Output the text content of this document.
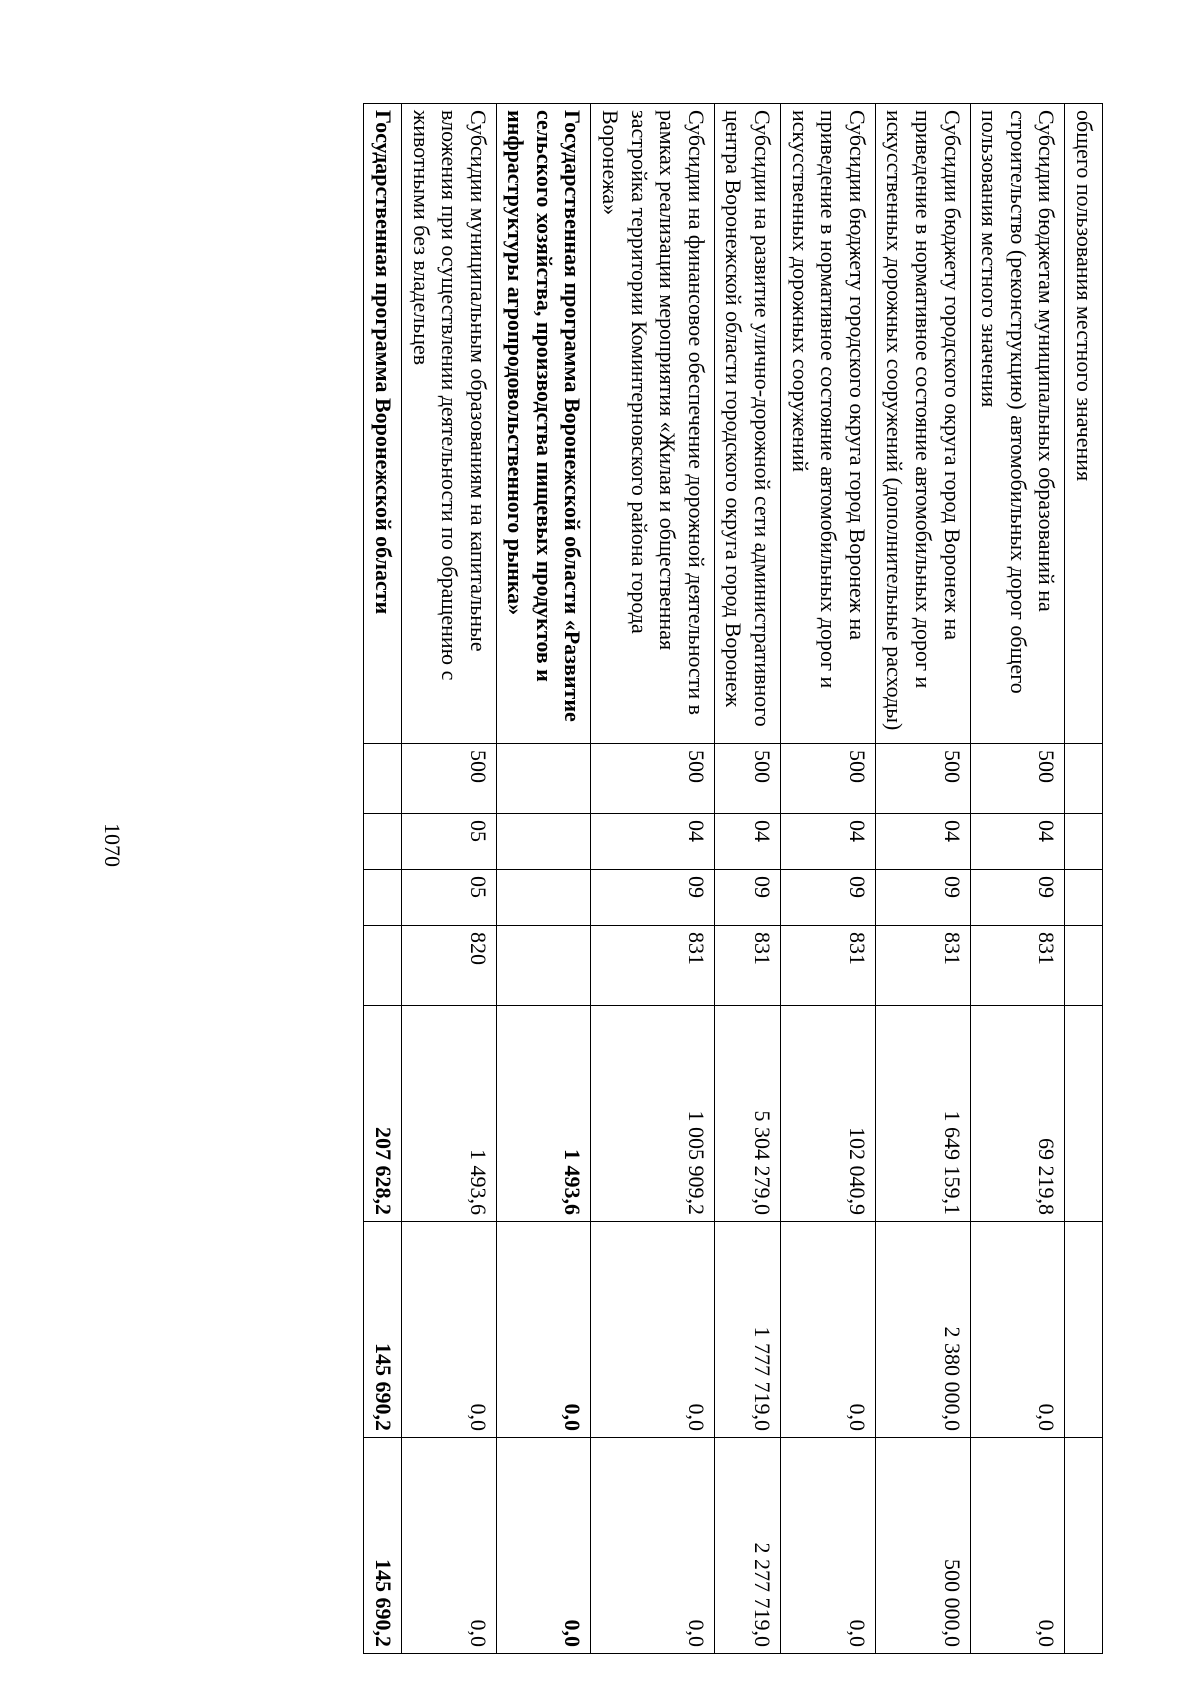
1070
общего пользования местного значения							
Субсидии бюджетам муниципальных образований на строительство (реконструкцию) автомобильных дорог общего пользования местного значения	500	04	09	831	69 219,8	0,0	0,0
Субсидии бюджету городского округа город Воронеж на приведение в нормативное состояние автомобильных дорог и искусственных дорожных сооружений (дополнительные расходы)	500	04	09	831	1 649 159,1	2 380 000,0	500 000,0
Субсидии бюджету городского округа город Воронеж на приведение в нормативное состояние автомобильных дорог и искусственных дорожных сооружений	500	04	09	831	102 040,9	0,0	0,0
Субсидии на развитие улично-дорожной сети административного центра Воронежской области городского округа город Воронеж	500	04	09	831	5 304 279,0	1 777 719,0	2 277 719,0
Субсидии на финансовое обеспечение дорожной деятельности в рамках реализации мероприятия «Жилая и общественная застройка территории Коминтерновского района города Воронежа»	500	04	09	831	1 005 909,2	0,0	0,0
Государственная программа Воронежской области «Развитие сельского хозяйства, производства пищевых продуктов и инфраструктуры агропродовольственного рынка»					1 493,6	0,0	0,0
Субсидии муниципальным образованиям на капитальные вложения при осуществлении деятельности по обращению с животными без владельцев	500	05	05	820	1 493,6	0,0	0,0
Государственная программа Воронежской области					207 628,2	145 690,2	145 690,2
